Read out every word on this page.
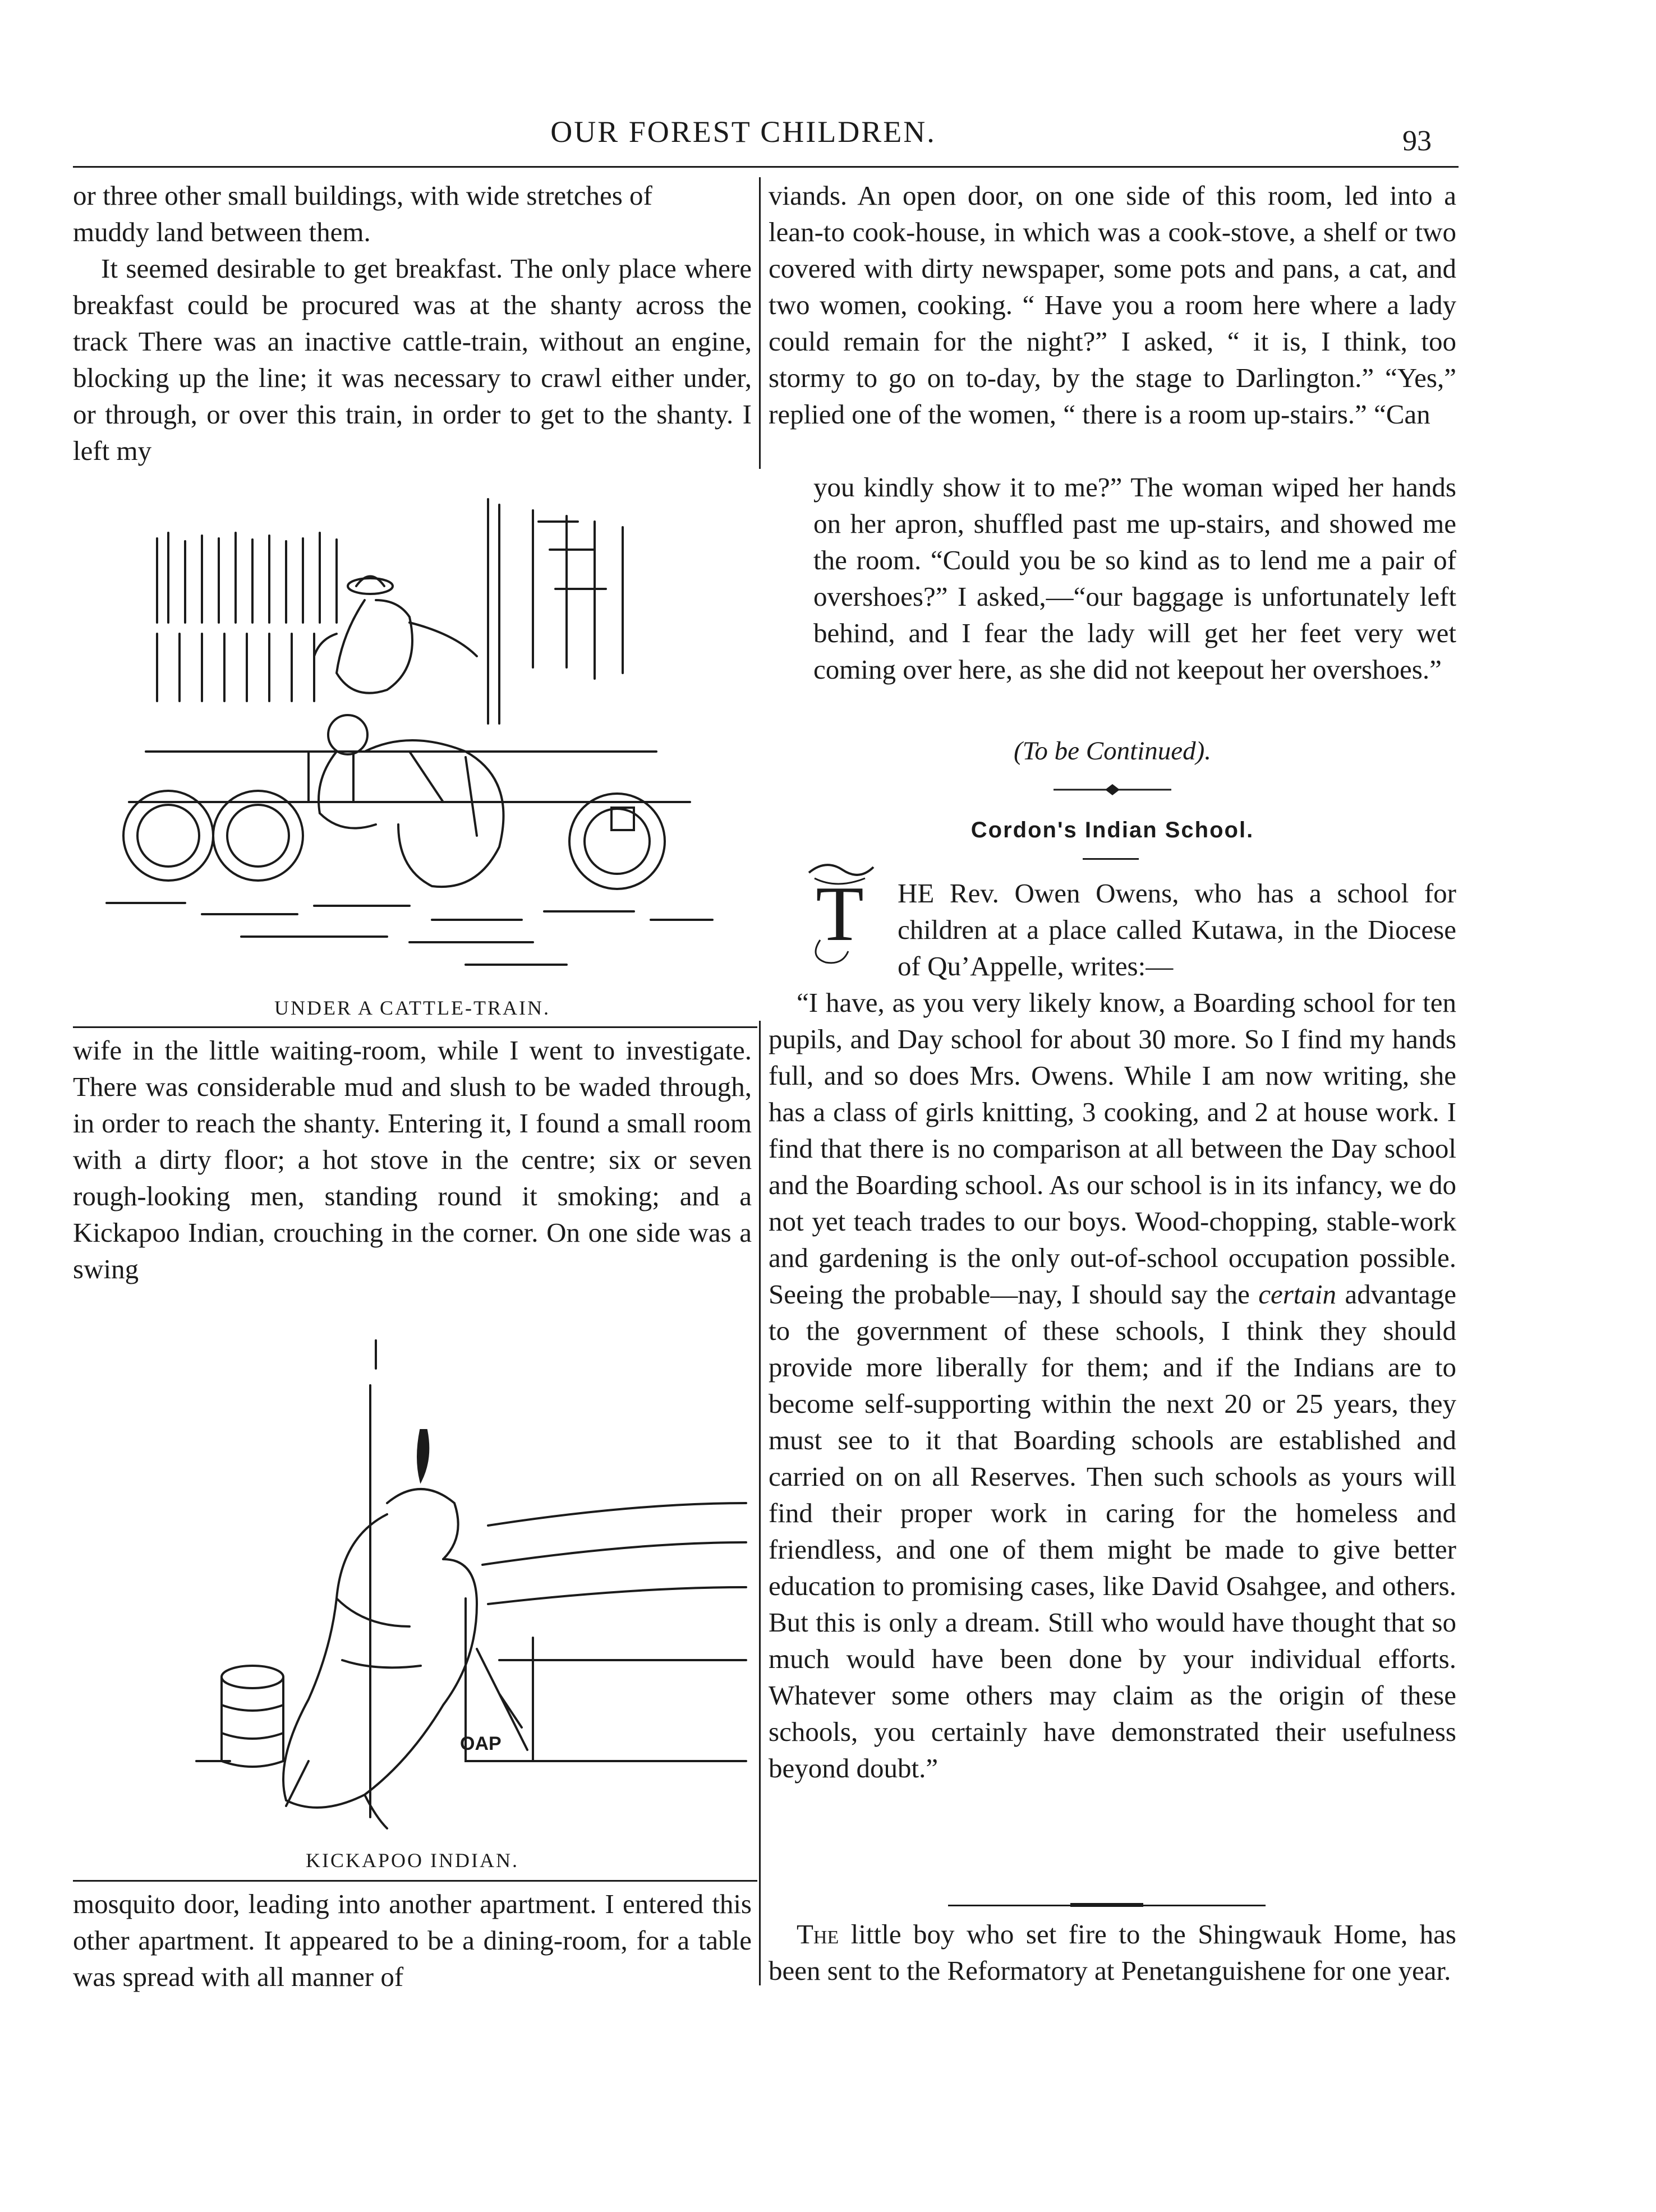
OUR FOREST CHILDREN.	93
or three other small buildings, with wide stretches of
muddy land between them.
It seemed desirable to get breakfast. The only place where breakfast could be procured was at the shanty across the track There was an inactive cattle-train, without an engine, blocking up the line; it was necessary to crawl either under, or through, or over this train, in order to get to the shanty. I left my
UNDER A CATTLE-TRAIN.
wife in the little waiting-room, while I went to investigate. There was considerable mud and slush to be waded through, in order to reach the shanty. Entering it, I found a small room with a dirty floor; a hot stove in the centre; six or seven rough-looking men, standing round it smoking; and a Kickapoo Indian, crouching in the corner. On one side was a swing
OAP
KICKAPOO INDIAN.
mosquito door, leading into another apartment. I entered this other apartment. It appeared to be a dining-room, for a table was spread with all manner of
viands. An open door, on one side of this room, led into a lean-to cook-house, in which was a cook-stove, a shelf or two covered with dirty newspaper, some pots and pans, a cat, and two women, cooking. “ Have you a room here where a lady could remain for the night?” I asked, “ it is, I think, too stormy to go on to-day, by the stage to Darlington.” “Yes,” replied one of the women, “ there is a room up-stairs.” “Can
you kindly show it to me?” The woman wiped her hands on her apron, shuffled past me up-stairs, and showed me the room. “Could you be so kind as to lend me a pair of overshoes?” I asked,—“our baggage is unfortunately left behind, and I fear the lady will get her feet very wet coming over here, as she did not keepout her overshoes.”
(To be Continued).
Cordon's Indian School.
T HE Rev. Owen Owens, who has a school for children at a place called Kutawa, in the Diocese of Qu’Appelle, writes:—
“I have, as you very likely know, a Boarding school for ten pupils, and Day school for about 30 more. So I find my hands full, and so does Mrs. Owens. While I am now writing, she has a class of girls knitting, 3 cooking, and 2 at house work. I find that there is no comparison at all between the Day school and the Boarding school. As our school is in its infancy, we do not yet teach trades to our boys. Wood-chopping, stable-work and gardening is the only out-of-school occupation possible. Seeing the probable—nay, I should say the certain advantage to the government of these schools, I think they should provide more liberally for them; and if the Indians are to become self-supporting within the next 20 or 25 years, they must see to it that Boarding schools are established and carried on on all Reserves. Then such schools as yours will find their proper work in caring for the homeless and friendless, and one of them might be made to give better education to promising cases, like David Osahgee, and others. But this is only a dream. Still who would have thought that so much would have been done by your individual efforts. Whatever some others may claim as the origin of these schools, you certainly have demonstrated their usefulness beyond doubt.”
The little boy who set fire to the Shingwauk Home, has been sent to the Reformatory at Penetanguishene for one year.
